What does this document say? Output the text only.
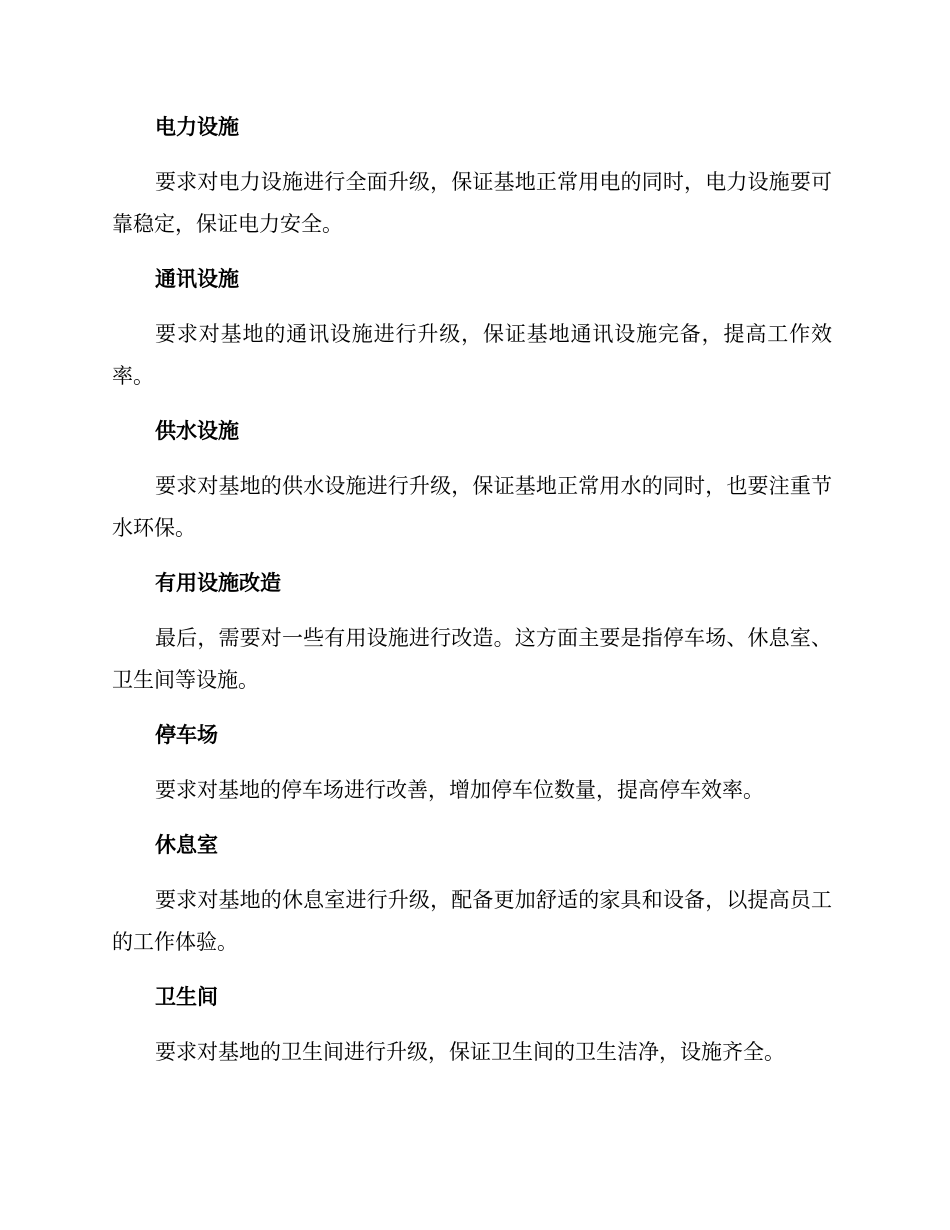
电力设施

要求对电力设施进行全面升级，保证基地正常用电的同时，电力设施要可靠稳定，保证电力安全。

通讯设施

要求对基地的通讯设施进行升级，保证基地通讯设施完备，提高工作效率。

供水设施

要求对基地的供水设施进行升级，保证基地正常用水的同时，也要注重节水环保。

有用设施改造

最后，需要对一些有用设施进行改造。这方面主要是指停车场、休息室、卫生间等设施。

停车场

要求对基地的停车场进行改善，增加停车位数量，提高停车效率。

休息室

要求对基地的休息室进行升级，配备更加舒适的家具和设备，以提高员工的工作体验。

卫生间

要求对基地的卫生间进行升级，保证卫生间的卫生洁净，设施齐全。
